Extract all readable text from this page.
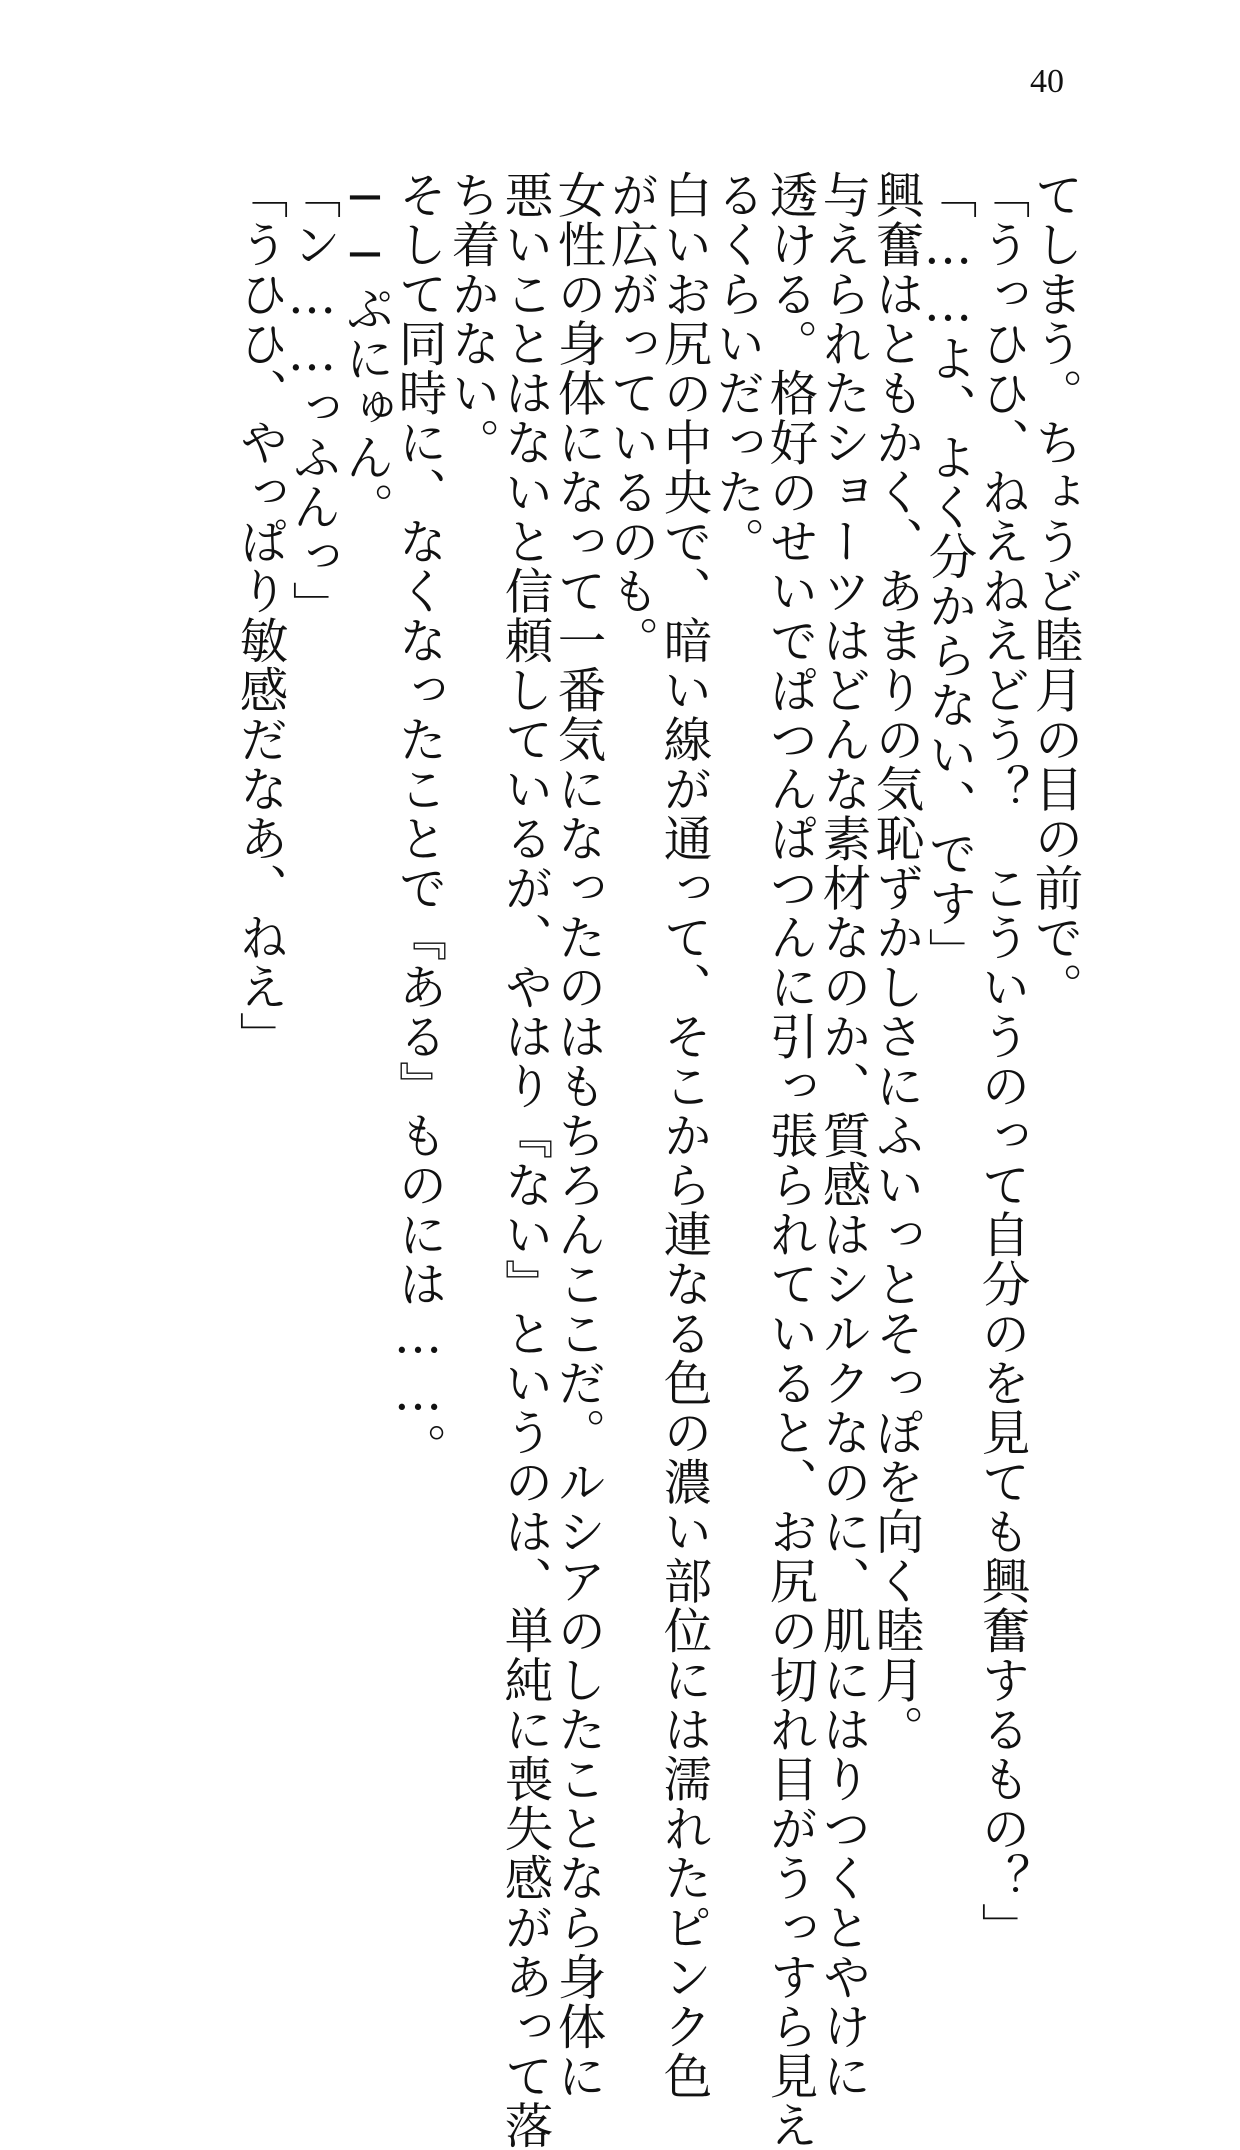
40

てしまう。ちょうど睦月の目の前で。

「うっひひ、ねえねえどう？　こういうのって自分のを見ても興奮するもの？」

「……よ、よく分からない、です」

興奮はともかく、あまりの気恥ずかしさにふいっとそっぽを向く睦月。

与えられたショーツはどんな素材なのか、質感はシルクなのに、肌にはりつくとやけに

透ける。格好のせいでぱつんぱつんに引っ張られていると、お尻の切れ目がうっすら見え

るくらいだった。

白いお尻の中央で、暗い線が通って、そこから連なる色の濃い部位には濡れたピンク色

が広がっているのも。

女性の身体になって一番気になったのはもちろんここだ。ルシアのしたことなら身体に

悪いことはないと信頼しているが、やはり『ない』というのは、単純に喪失感があって落

ち着かない。

そして同時に、なくなったことで『ある』ものには……。

──ぷにゅん。

「ン……っふんっ」

「うひひ、やっぱり敏感だなあ、ねえ」
